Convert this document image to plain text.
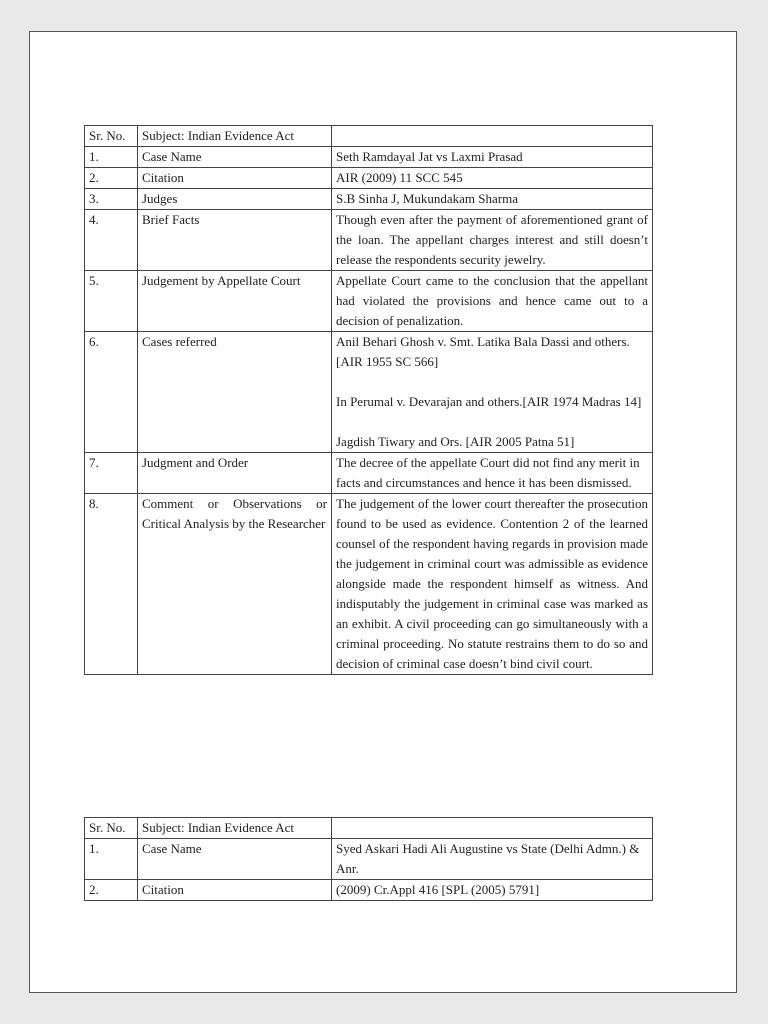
Sr. No.	Subject: Indian Evidence Act	
1.	Case Name	Seth Ramdayal Jat vs Laxmi Prasad
2.	Citation	AIR (2009) 11 SCC 545
3.	Judges	S.B Sinha J, Mukundakam Sharma
4.	Brief Facts	Though even after the payment of aforementioned grant of the loan. The appellant charges interest and still doesn’t release the respondents security jewelry.
5.	Judgement by Appellate Court	Appellate Court came to the conclusion that the appellant had violated the provisions and hence came out to a decision of penalization.
6.	Cases referred	Anil Behari Ghosh v. Smt. Latika Bala Dassi and others. [AIR 1955 SC 566]
In Perumal v. Devarajan and others.[AIR 1974 Madras 14]
Jagdish Tiwary and Ors. [AIR 2005 Patna 51]

7.	Judgment and Order	The decree of the appellate Court did not find any merit in facts and circumstances and hence it has been dismissed.
8.	Comment or Observations or Critical Analysis by the Researcher	The judgement of the lower court thereafter the prosecution found to be used as evidence. Contention 2 of the learned counsel of the respondent having regards in provision made the judgement in criminal court was admissible as evidence alongside made the respondent himself as witness. And indisputably the judgement in criminal case was marked as an exhibit. A civil proceeding can go simultaneously with a criminal proceeding. No statute restrains them to do so and decision of criminal case doesn’t bind civil court.
Sr. No.	Subject: Indian Evidence Act	
1.	Case Name	Syed Askari Hadi Ali Augustine vs State (Delhi Admn.) & Anr.
2.	Citation	(2009) Cr.Appl 416 [SPL (2005) 5791]
